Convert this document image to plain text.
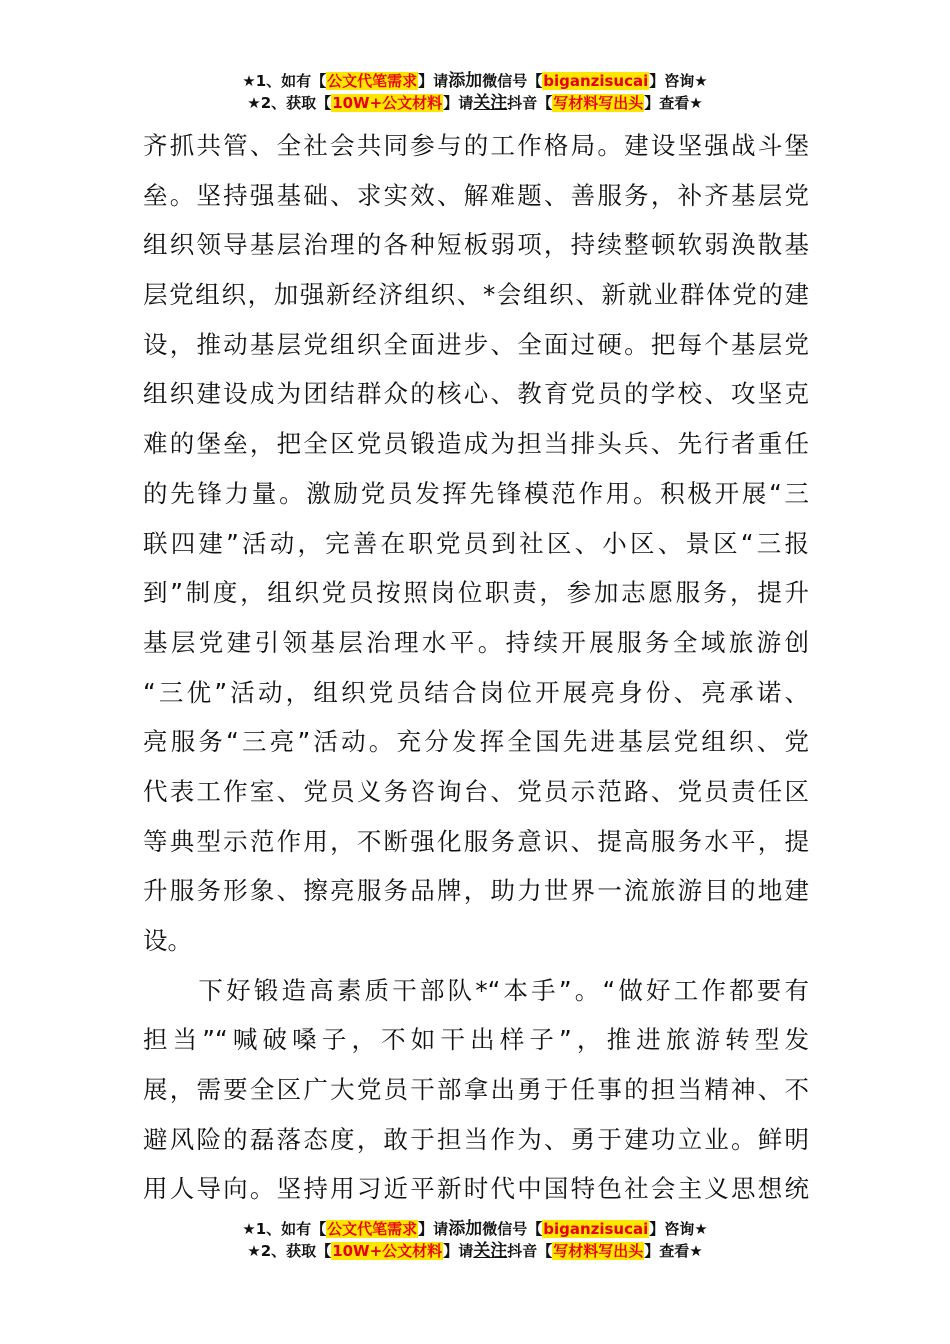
★1、如有【公文代笔需求】请添加微信号【biganzisucai】咨询★
★2、获取【10W+公文材料】请关注抖音【写材料写出头】查看★
齐抓共管、全社会共同参与的工作格局。建设坚强战斗堡
垒。坚持强基础、求实效、解难题、善服务，补齐基层党
组织领导基层治理的各种短板弱项，持续整顿软弱涣散基
层党组织，加强新经济组织、*会组织、新就业群体党的建
设，推动基层党组织全面进步、全面过硬。把每个基层党
组织建设成为团结群众的核心、教育党员的学校、攻坚克
难的堡垒，把全区党员锻造成为担当排头兵、先行者重任
的先锋力量。激励党员发挥先锋模范作用。积极开展“三
联四建”活动，完善在职党员到社区、小区、景区“三报
到”制度，组织党员按照岗位职责，参加志愿服务，提升
基层党建引领基层治理水平。持续开展服务全域旅游创
“三优”活动，组织党员结合岗位开展亮身份、亮承诺、
亮服务“三亮”活动。充分发挥全国先进基层党组织、党
代表工作室、党员义务咨询台、党员示范路、党员责任区
等典型示范作用，不断强化服务意识、提高服务水平，提
升服务形象、擦亮服务品牌，助力世界一流旅游目的地建
设。
　　下好锻造高素质干部队*“本手”。“做好工作都要有
担当”“喊破嗓子，不如干出样子”，推进旅游转型发
展，需要全区广大党员干部拿出勇于任事的担当精神、不
避风险的磊落态度，敢于担当作为、勇于建功立业。鲜明
用人导向。坚持用习近平新时代中国特色社会主义思想统
★1、如有【公文代笔需求】请添加微信号【biganzisucai】咨询★
★2、获取【10W+公文材料】请关注抖音【写材料写出头】查看★
